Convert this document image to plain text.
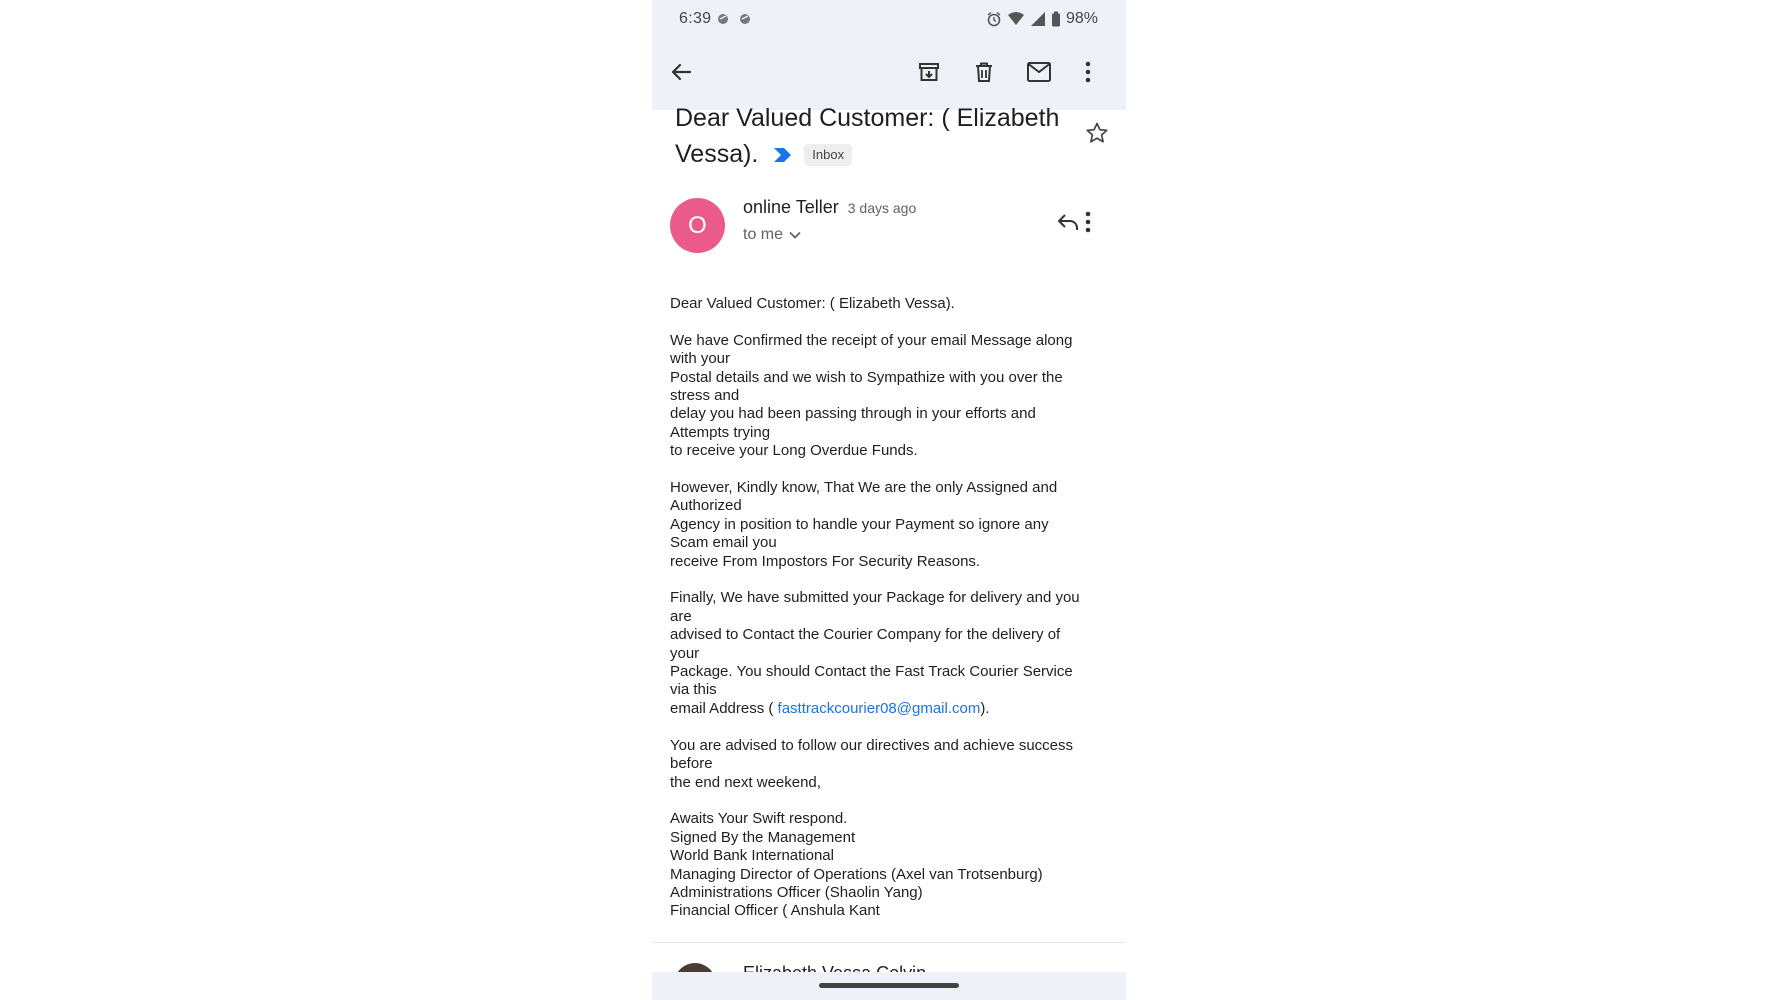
6:39	98%
Dear Valued Customer: ( Elizabeth
Vessa).	Inbox
O
online Teller 3 days ago
to me

Dear Valued Customer: ( Elizabeth Vessa).

We have Confirmed the receipt of your email Message along
with your
Postal details and we wish to Sympathize with you over the
stress and
delay you had been passing through in your efforts and
Attempts trying
to receive your Long Overdue Funds.

However, Kindly know, That We are the only Assigned and
Authorized
Agency in position to handle your Payment so ignore any
Scam email you
receive From Impostors For Security Reasons.

Finally, We have submitted your Package for delivery and you
are
advised to Contact the Courier Company for the delivery of
your
Package. You should Contact the Fast Track Courier Service
via this
email Address ( fasttrackcourier08@gmail.com).

You are advised to follow our directives and achieve success
before
the end next weekend,

Awaits Your Swift respond.
Signed By the Management
World Bank International
Managing Director of Operations (Axel van Trotsenburg)
Administrations Officer (Shaolin Yang)
Financial Officer ( Anshula Kant
